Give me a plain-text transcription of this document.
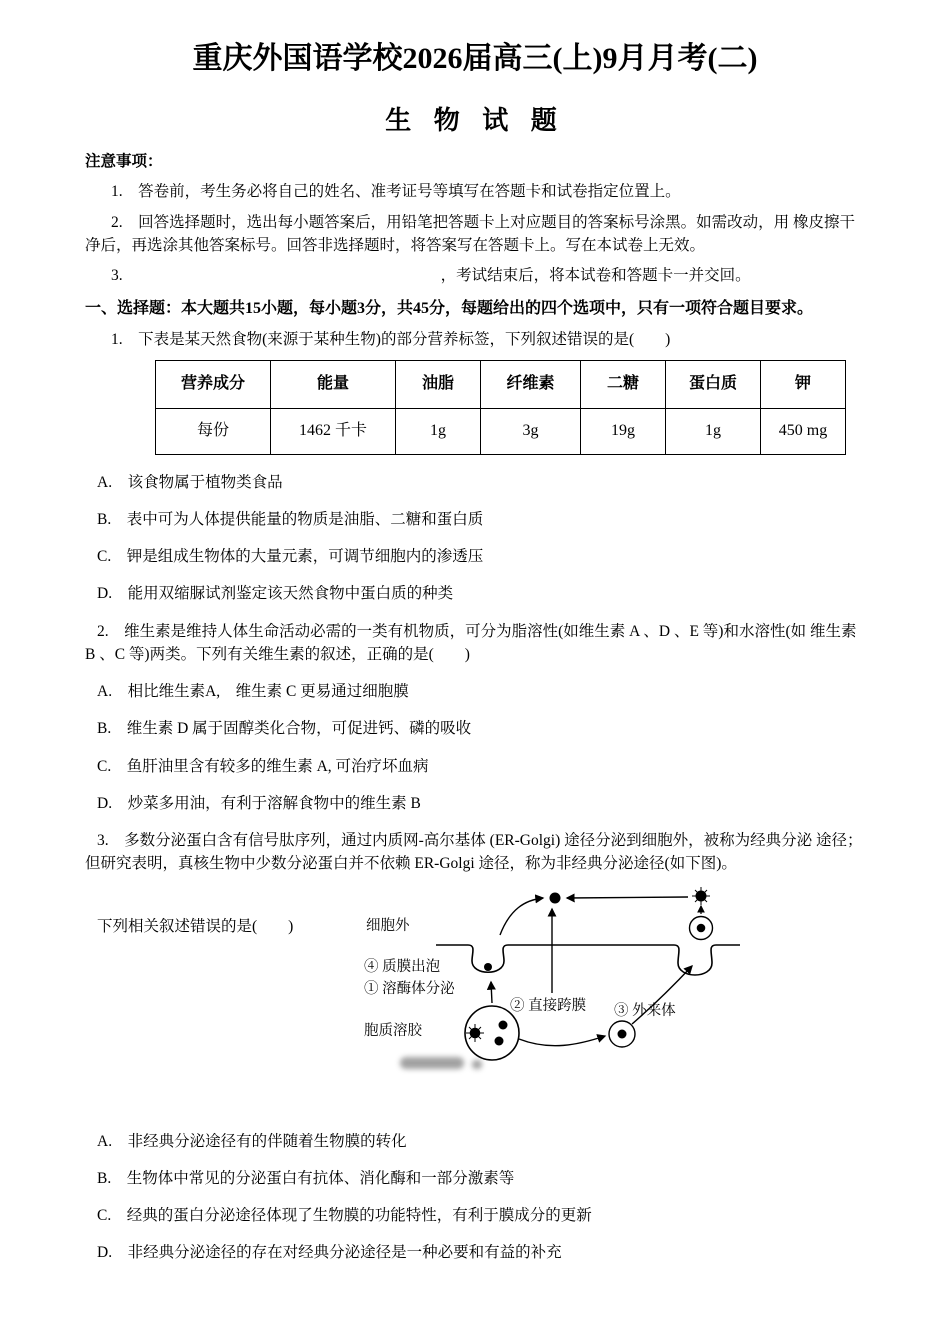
重庆外国语学校2026届高三(上)9月月考(二)
生 物 试 题
注意事项：

1.　答卷前，考生务必将自己的姓名、准考证号等填写在答题卡和试卷指定位置上。

2.　回答选择题时，选出每小题答案后，用铅笔把答题卡上对应题目的答案标号涂黑。如需改动，用 橡皮擦干净后，再选涂其他答案标号。回答非选择题时，将答案写在答题卡上。写在本试卷上无效。

3.	，考试结束后，将本试卷和答题卡一并交回。

一、选择题：本大题共15小题，每小题3分，共45分，每题给出的四个选项中，只有一项符合题目要求。

1.　下表是某天然食物(来源于某种生物)的部分营养标签，下列叙述错误的是(　　)

营养成分	能量	油脂	纤维素	二糖	蛋白质	钾
每份	1462 千卡	1g	3g	19g	1g	450 mg

A.　该食物属于植物类食品

B.　表中可为人体提供能量的物质是油脂、二糖和蛋白质

C.　钾是组成生物体的大量元素，可调节细胞内的渗透压

D.　能用双缩脲试剂鉴定该天然食物中蛋白质的种类

2.　维生素是维持人体生命活动必需的一类有机物质，可分为脂溶性(如维生素 A 、D 、E 等)和水溶性(如 维生素 B 、C 等)两类。下列有关维生素的叙述，正确的是(　　)

A.　相比维生素A,　维生素 C 更易通过细胞膜

B.　维生素 D 属于固醇类化合物，可促进钙、磷的吸收

C.　鱼肝油里含有较多的维生素 A, 可治疗坏血病

D.　炒菜多用油，有利于溶解食物中的维生素 B

3.　多数分泌蛋白含有信号肽序列，通过内质网-高尔基体 (ER-Golgi) 途径分泌到细胞外，被称为经典分泌 途径；但研究表明，真核生物中少数分泌蛋白并不依赖 ER-Golgi 途径，称为非经典分泌途径(如下图)。

下列相关叙述错误的是(　　)	细胞外
④ 质膜出泡
① 溶酶体分泌
② 直接跨膜 ③ 外来体
胞质溶胶

A.　非经典分泌途径有的伴随着生物膜的转化

B.　生物体中常见的分泌蛋白有抗体、消化酶和一部分激素等

C.　经典的蛋白分泌途径体现了生物膜的功能特性，有利于膜成分的更新

D.　非经典分泌途径的存在对经典分泌途径是一种必要和有益的补充
